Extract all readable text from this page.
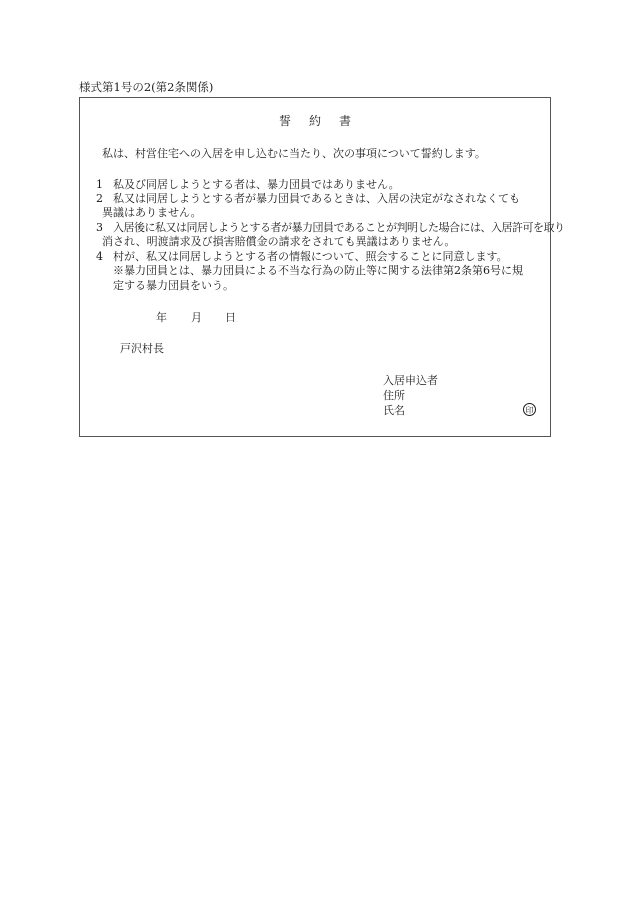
様式第1号の2(第2条関係)
誓約書
私は、村営住宅への入居を申し込むに当たり、次の事項について誓約します。
1 私及び同居しようとする者は、暴力団員ではありません。
2 私又は同居しようとする者が暴力団員であるときは、入居の決定がなされなくても
異議はありません。
3 入居後に私又は同居しようとする者が暴力団員であることが判明した場合には、入居許可を取り
消され、明渡請求及び損害賠償金の請求をされても異議はありません。
4 村が、私又は同居しようとする者の情報について、照会することに同意します。
※暴力団員とは、暴力団員による不当な行為の防止等に関する法律第2条第6号に規
定する暴力団員をいう。
年 月 日
戸沢村長
入居申込者
住所
氏名	印
